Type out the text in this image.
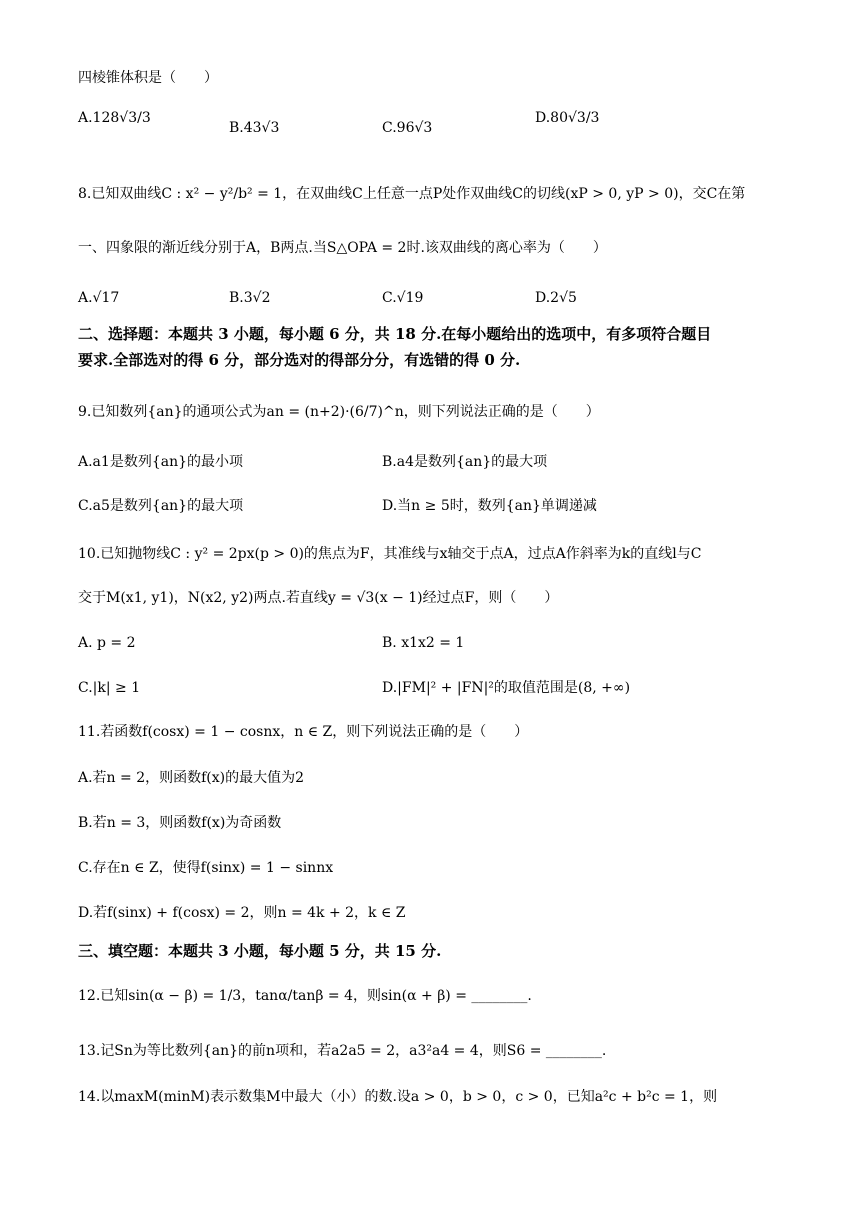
四棱锥体积是（　　）
A.128√3/3
B.43√3	C.96√3
D.80√3/3
8.已知双曲线C : x² − y²/b² = 1，在双曲线C上任意一点P处作双曲线C的切线(xP > 0, yP > 0)，交C在第
一、四象限的渐近线分别于A，B两点.当S△OPA = 2时.该双曲线的离心率为（　　）
A.√17	B.3√2	C.√19	D.2√5
二、选择题：本题共 3 小题，每小题 6 分，共 18 分.在每小题给出的选项中，有多项符合题目
要求.全部选对的得 6 分，部分选对的得部分分，有选错的得 0 分.
9.已知数列{an}的通项公式为an = (n+2)·(6/7)^n，则下列说法正确的是（　　）
A.a1是数列{an}的最小项	B.a4是数列{an}的最大项
C.a5是数列{an}的最大项	D.当n ≥ 5时，数列{an}单调递减
10.已知抛物线C : y² = 2px(p > 0)的焦点为F，其准线与x轴交于点A，过点A作斜率为k的直线l与C
交于M(x1, y1)，N(x2, y2)两点.若直线y = √3(x − 1)经过点F，则（　　）
A. p = 2	B. x1x2 = 1
C.|k| ≥ 1	D.|FM|² + |FN|²的取值范围是(8, +∞)
11.若函数f(cosx) = 1 − cosnx，n ∈ Z，则下列说法正确的是（　　）
A.若n = 2，则函数f(x)的最大值为2
B.若n = 3，则函数f(x)为奇函数
C.存在n ∈ Z，使得f(sinx) = 1 − sinnx
D.若f(sinx) + f(cosx) = 2，则n = 4k + 2，k ∈ Z
三、填空题：本题共 3 小题，每小题 5 分，共 15 分.
12.已知sin(α − β) = 1/3，tanα/tanβ = 4，则sin(α + β) = ________.
13.记Sn为等比数列{an}的前n项和，若a2a5 = 2，a3²a4 = 4，则S6 = ________.
14.以maxM(minM)表示数集M中最大（小）的数.设a > 0，b > 0，c > 0，已知a²c + b²c = 1，则
